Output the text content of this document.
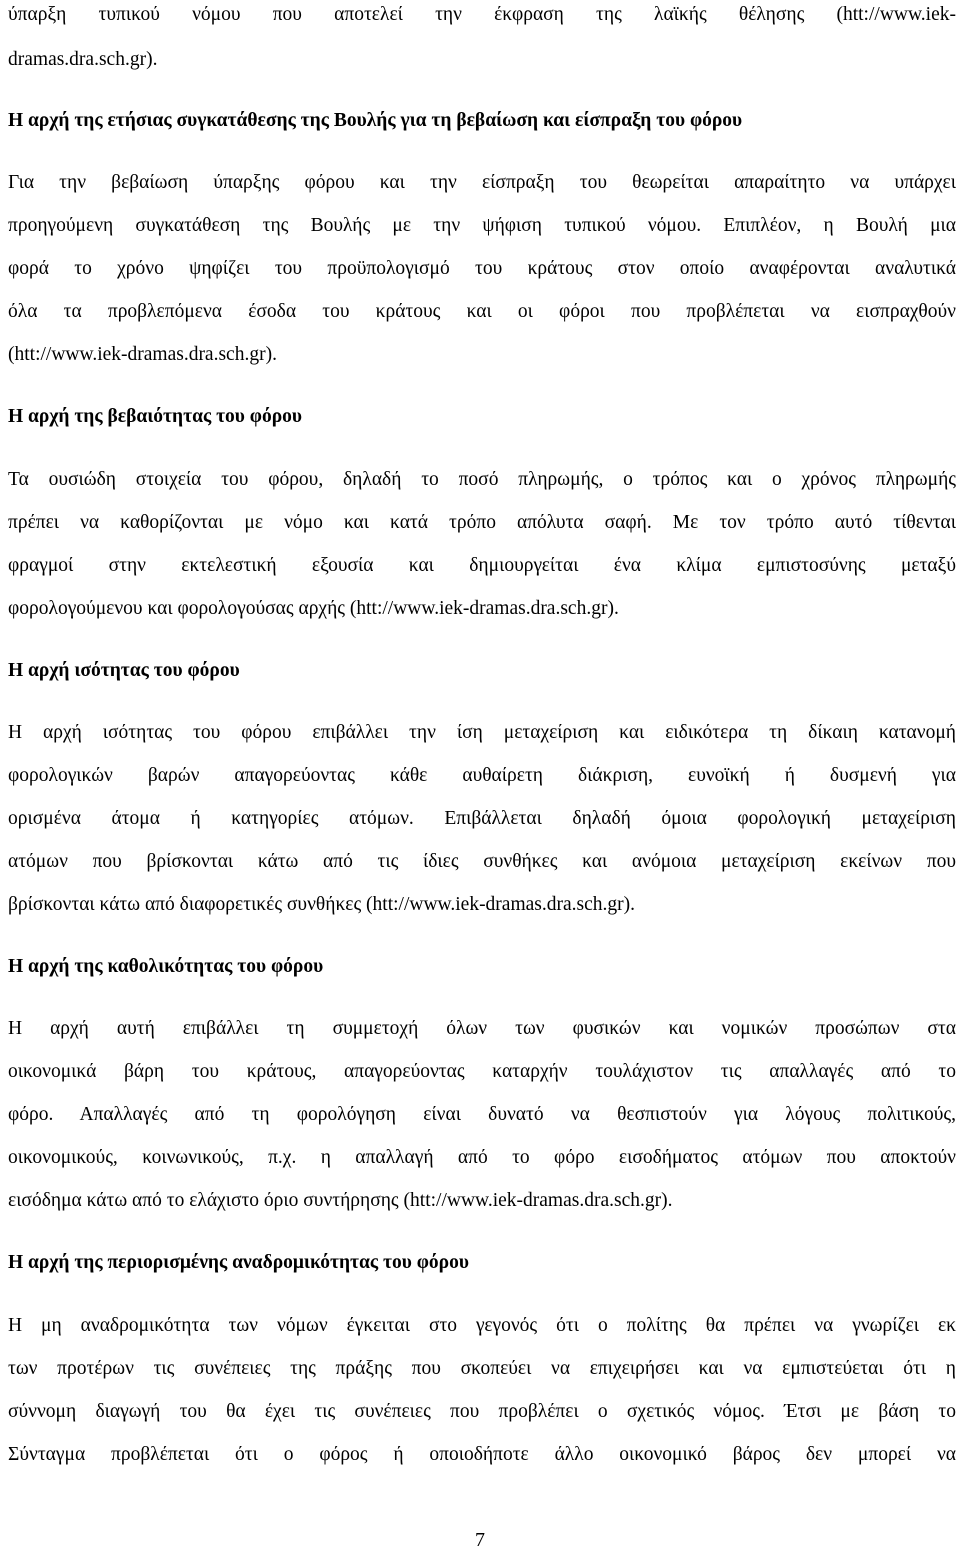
ύπαρξη τυπικού νόμου που αποτελεί την έκφραση της λαϊκής θέλησης (htt://www.iek-
dramas.dra.sch.gr).
Η αρχή της ετήσιας συγκατάθεσης της Βουλής για τη βεβαίωση και είσπραξη του φόρου
Για την βεβαίωση ύπαρξης φόρου και την είσπραξη του θεωρείται απαραίτητο να υπάρχει
προηγούμενη συγκατάθεση της Βουλής με την ψήφιση τυπικού νόμου. Επιπλέον, η Βουλή μια
φορά το χρόνο ψηφίζει του προϋπολογισμό του κράτους στον οποίο αναφέρονται αναλυτικά
όλα τα προβλεπόμενα έσοδα του κράτους και οι φόροι που προβλέπεται να εισπραχθούν
(htt://www.iek-dramas.dra.sch.gr).
Η αρχή της βεβαιότητας του φόρου
Τα ουσιώδη στοιχεία του φόρου, δηλαδή το ποσό πληρωμής, ο τρόπος και ο χρόνος πληρωμής
πρέπει να καθορίζονται με νόμο και κατά τρόπο απόλυτα σαφή. Με τον τρόπο αυτό τίθενται
φραγμοί στην εκτελεστική εξουσία και δημιουργείται ένα κλίμα εμπιστοσύνης μεταξύ
φορολογούμενου και φορολογούσας αρχής (htt://www.iek-dramas.dra.sch.gr).
Η αρχή ισότητας του φόρου
Η αρχή ισότητας του φόρου επιβάλλει την ίση μεταχείριση και ειδικότερα τη δίκαιη κατανομή
φορολογικών βαρών απαγορεύοντας κάθε αυθαίρετη διάκριση, ευνοϊκή ή δυσμενή για
ορισμένα άτομα ή κατηγορίες ατόμων. Επιβάλλεται δηλαδή όμοια φορολογική μεταχείριση
ατόμων που βρίσκονται κάτω από τις ίδιες συνθήκες και ανόμοια μεταχείριση εκείνων που
βρίσκονται κάτω από διαφορετικές συνθήκες (htt://www.iek-dramas.dra.sch.gr).
Η αρχή της καθολικότητας του φόρου
Η αρχή αυτή επιβάλλει τη συμμετοχή όλων των φυσικών και νομικών προσώπων στα
οικονομικά βάρη του κράτους, απαγορεύοντας καταρχήν τουλάχιστον τις απαλλαγές από το
φόρο. Απαλλαγές από τη φορολόγηση είναι δυνατό να θεσπιστούν για λόγους πολιτικούς,
οικονομικούς, κοινωνικούς, π.χ. η απαλλαγή από το φόρο εισοδήματος ατόμων που αποκτούν
εισόδημα κάτω από το ελάχιστο όριο συντήρησης (htt://www.iek-dramas.dra.sch.gr).
Η αρχή της περιορισμένης αναδρομικότητας του φόρου
Η μη αναδρομικότητα των νόμων έγκειται στο γεγονός ότι ο πολίτης θα πρέπει να γνωρίζει εκ
των προτέρων τις συνέπειες της πράξης που σκοπεύει να επιχειρήσει και να εμπιστεύεται ότι η
σύννομη διαγωγή του θα έχει τις συνέπειες που προβλέπει ο σχετικός νόμος. Έτσι με βάση το
Σύνταγμα προβλέπεται ότι ο φόρος ή οποιοδήποτε άλλο οικονομικό βάρος δεν μπορεί να
7
